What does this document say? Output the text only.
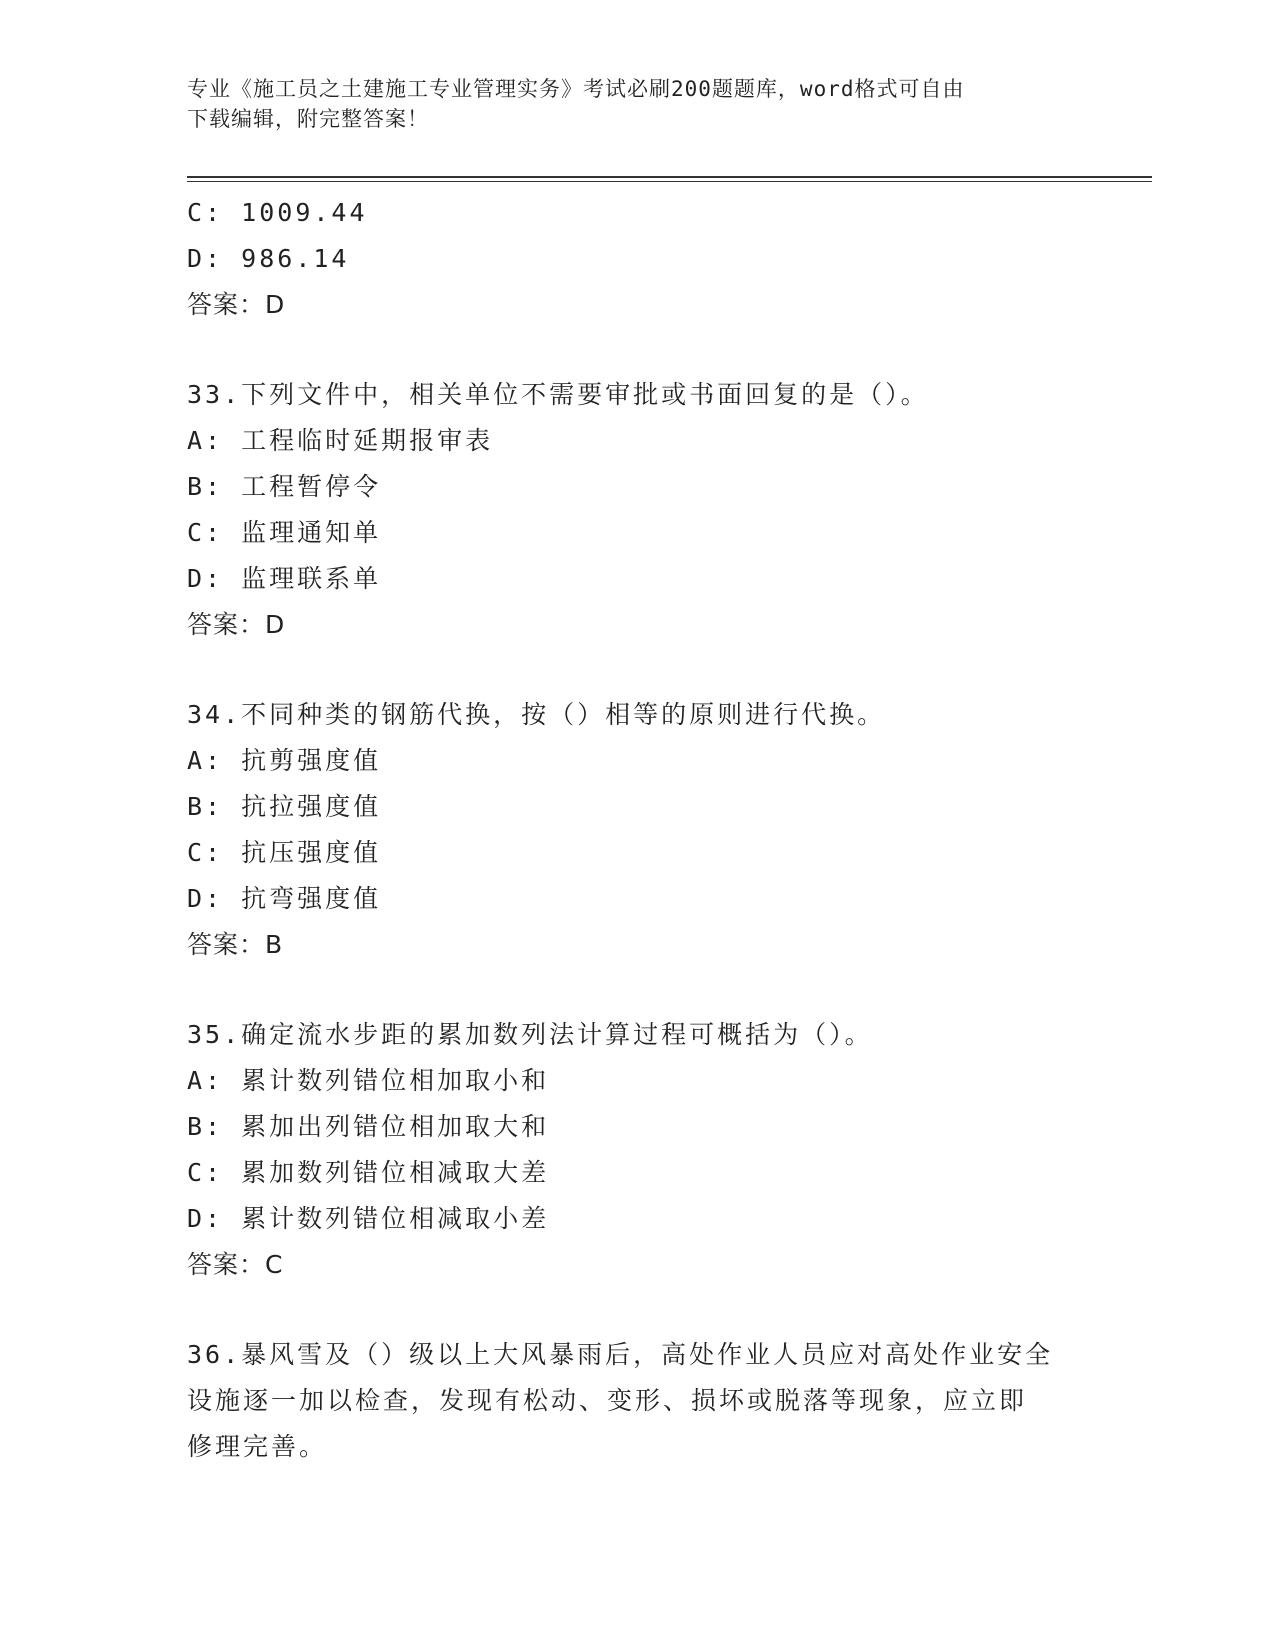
专业《施工员之土建施工专业管理实务》考试必刷200题题库，word格式可自由
下载编辑，附完整答案！
C: 1009.44
D: 986.14
答案：D
33.下列文件中，相关单位不需要审批或书面回复的是（）。
A: 工程临时延期报审表
B: 工程暂停令
C: 监理通知单
D: 监理联系单
答案：D
34.不同种类的钢筋代换，按（）相等的原则进行代换。
A: 抗剪强度值
B: 抗拉强度值
C: 抗压强度值
D: 抗弯强度值
答案：B
35.确定流水步距的累加数列法计算过程可概括为（）。
A: 累计数列错位相加取小和
B: 累加出列错位相加取大和
C: 累加数列错位相减取大差
D: 累计数列错位相减取小差
答案：C
36.暴风雪及（）级以上大风暴雨后，高处作业人员应对高处作业安全
设施逐一加以检查，发现有松动、变形、损坏或脱落等现象，应立即
修理完善。
